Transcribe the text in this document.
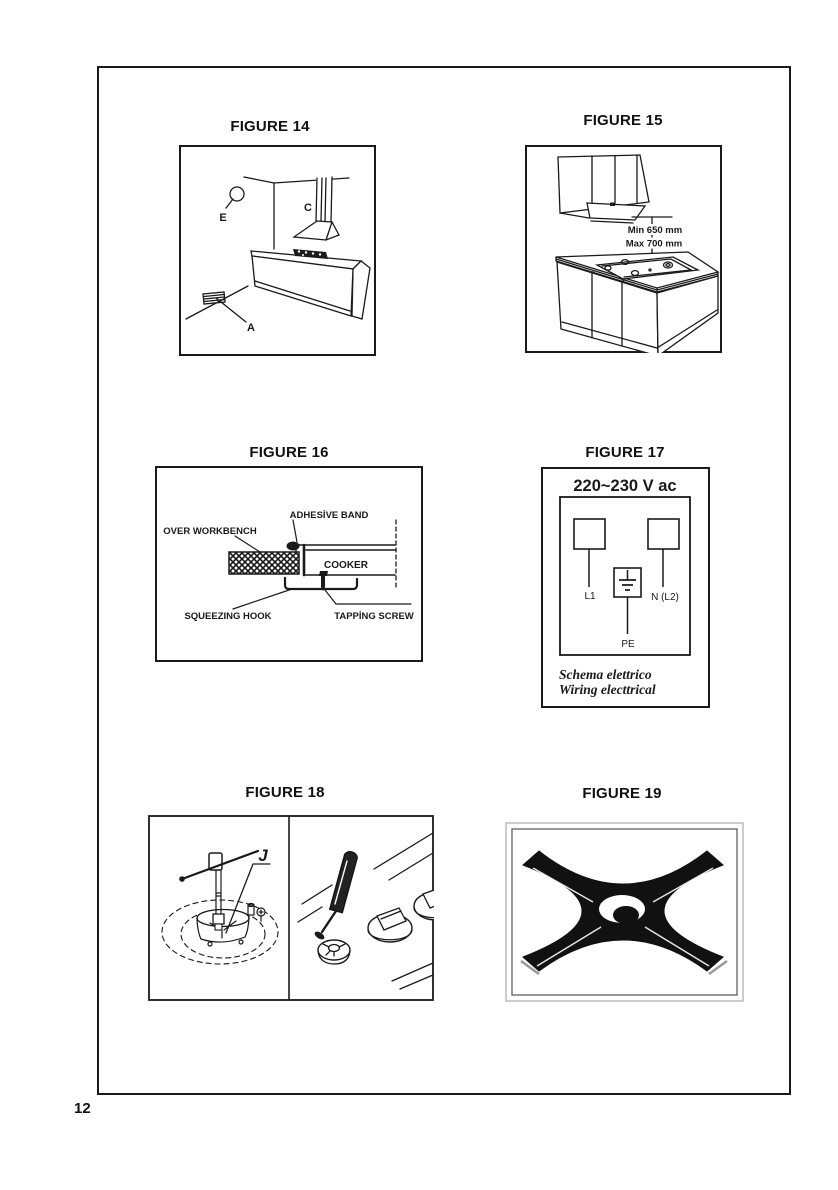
FIGURE 14
E
C
A
FIGURE 15
Min 650 mm
Max 700 mm
FIGURE 16
ADHESİVE BAND
OVER WORKBENCH
COOKER
SQUEEZING HOOK	TAPPİNG SCREW
FIGURE 17
220~230 V ac
L1	N (L2)
PE
Schema elettrico
Wiring electtrical
FIGURE 18
J
FIGURE 19
12
